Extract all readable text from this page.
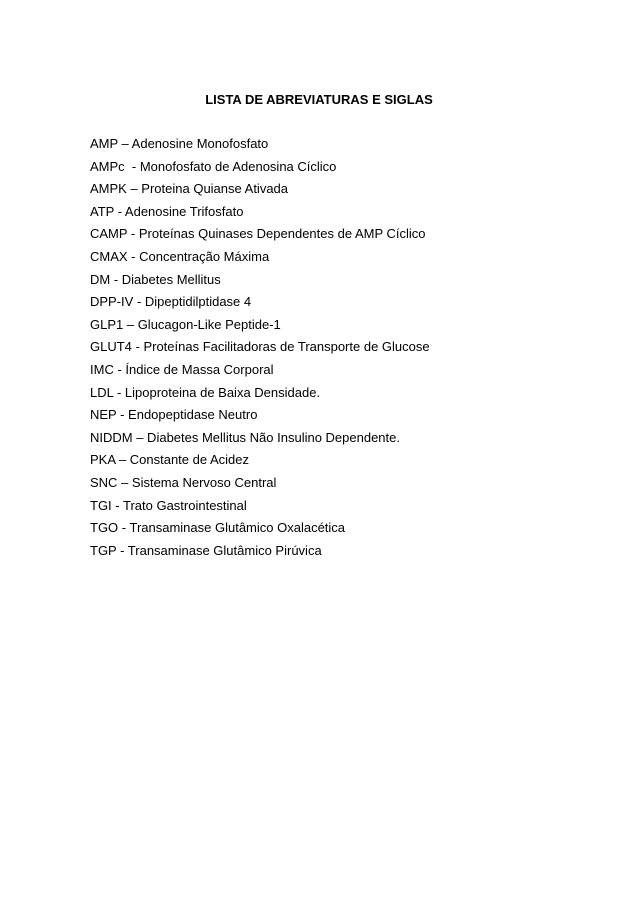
LISTA DE ABREVIATURAS E SIGLAS
AMP – Adenosine Monofosfato
AMPc  - Monofosfato de Adenosina Cíclico
AMPK – Proteina Quianse Ativada
ATP - Adenosine Trifosfato
CAMP - Proteínas Quinases Dependentes de AMP Cíclico
CMAX - Concentração Máxima
DM - Diabetes Mellitus
DPP-IV - Dipeptidilptidase 4
GLP1 – Glucagon-Like Peptide-1
GLUT4 - Proteínas Facilitadoras de Transporte de Glucose
IMC - Índice de Massa Corporal
LDL - Lipoproteina de Baixa Densidade.
NEP - Endopeptidase Neutro
NIDDM – Diabetes Mellitus Não Insulino Dependente.
PKA – Constante de Acidez
SNC – Sistema Nervoso Central
TGI - Trato Gastrointestinal
TGO - Transaminase Glutâmico Oxalacética
TGP - Transaminase Glutâmico Pirúvica
